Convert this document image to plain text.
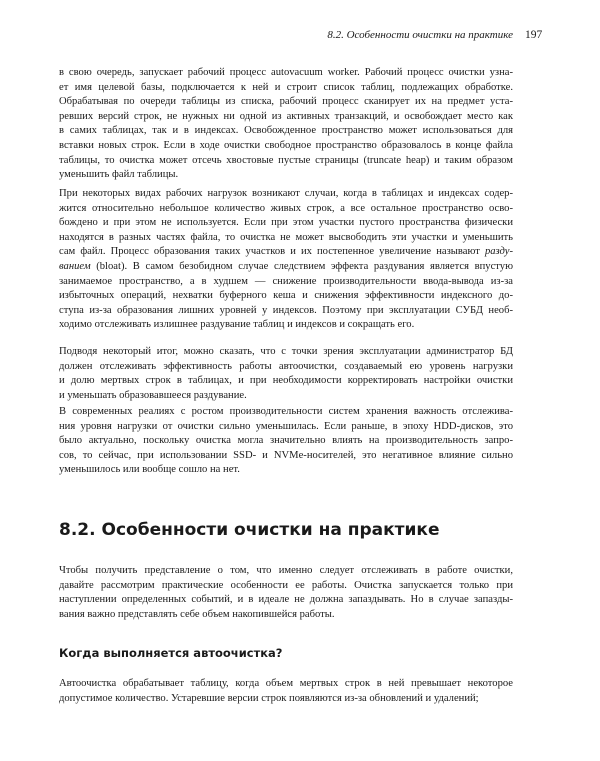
8.2. Особенности очистки на практике 197
в свою очередь, запускает рабочий процесс autovacuum worker. Рабочий процесс очистки узна-
ет имя целевой базы, подключается к ней и строит список таблиц, подлежащих обработке.
Обрабатывая по очереди таблицы из списка, рабочий процесс сканирует их на предмет уста-
ревших версий строк, не нужных ни одной из активных транзакций, и освобождает место как
в самих таблицах, так и в индексах. Освобожденное пространство может использоваться для
вставки новых строк. Если в ходе очистки свободное пространство образовалось в конце файла
таблицы, то очистка может отсечь хвостовые пустые страницы (truncate heap) и таким образом
уменьшить файл таблицы.
При некоторых видах рабочих нагрузок возникают случаи, когда в таблицах и индексах содер-
жится относительно небольшое количество живых строк, а все остальное пространство осво-
бождено и при этом не используется. Если при этом участки пустого пространства физически
находятся в разных частях файла, то очистка не может высвободить эти участки и уменьшить
сам файл. Процесс образования таких участков и их постепенное увеличение называют разду-
ванием (bloat). В самом безобидном случае следствием эффекта раздувания является впустую
занимаемое пространство, а в худшем — снижение производительности ввода-вывода из-за
избыточных операций, нехватки буферного кеша и снижения эффективности индексного до-
ступа из-за образования лишних уровней у индексов. Поэтому при эксплуатации СУБД необ-
ходимо отслеживать излишнее раздувание таблиц и индексов и сокращать его.
Подводя некоторый итог, можно сказать, что с точки зрения эксплуатации администратор БД
должен отслеживать эффективность работы автоочистки, создаваемый ею уровень нагрузки
и долю мертвых строк в таблицах, и при необходимости корректировать настройки очистки
и уменьшать образовавшееся раздувание.
В современных реалиях с ростом производительности систем хранения важность отслежива-
ния уровня нагрузки от очистки сильно уменьшилась. Если раньше, в эпоху HDD-дисков, это
было актуально, поскольку очистка могла значительно влиять на производительность запро-
сов, то сейчас, при использовании SSD- и NVMe-носителей, это негативное влияние сильно
уменьшилось или вообще сошло на нет.
8.2. Особенности очистки на практике
Чтобы получить представление о том, что именно следует отслеживать в работе очистки,
давайте рассмотрим практические особенности ее работы. Очистка запускается только при
наступлении определенных событий, и в идеале не должна запаздывать. Но в случае запазды-
вания важно представлять себе объем накопившейся работы.
Когда выполняется автоочистка?
Автоочистка обрабатывает таблицу, когда объем мертвых строк в ней превышает некоторое
допустимое количество. Устаревшие версии строк появляются из-за обновлений и удалений;
